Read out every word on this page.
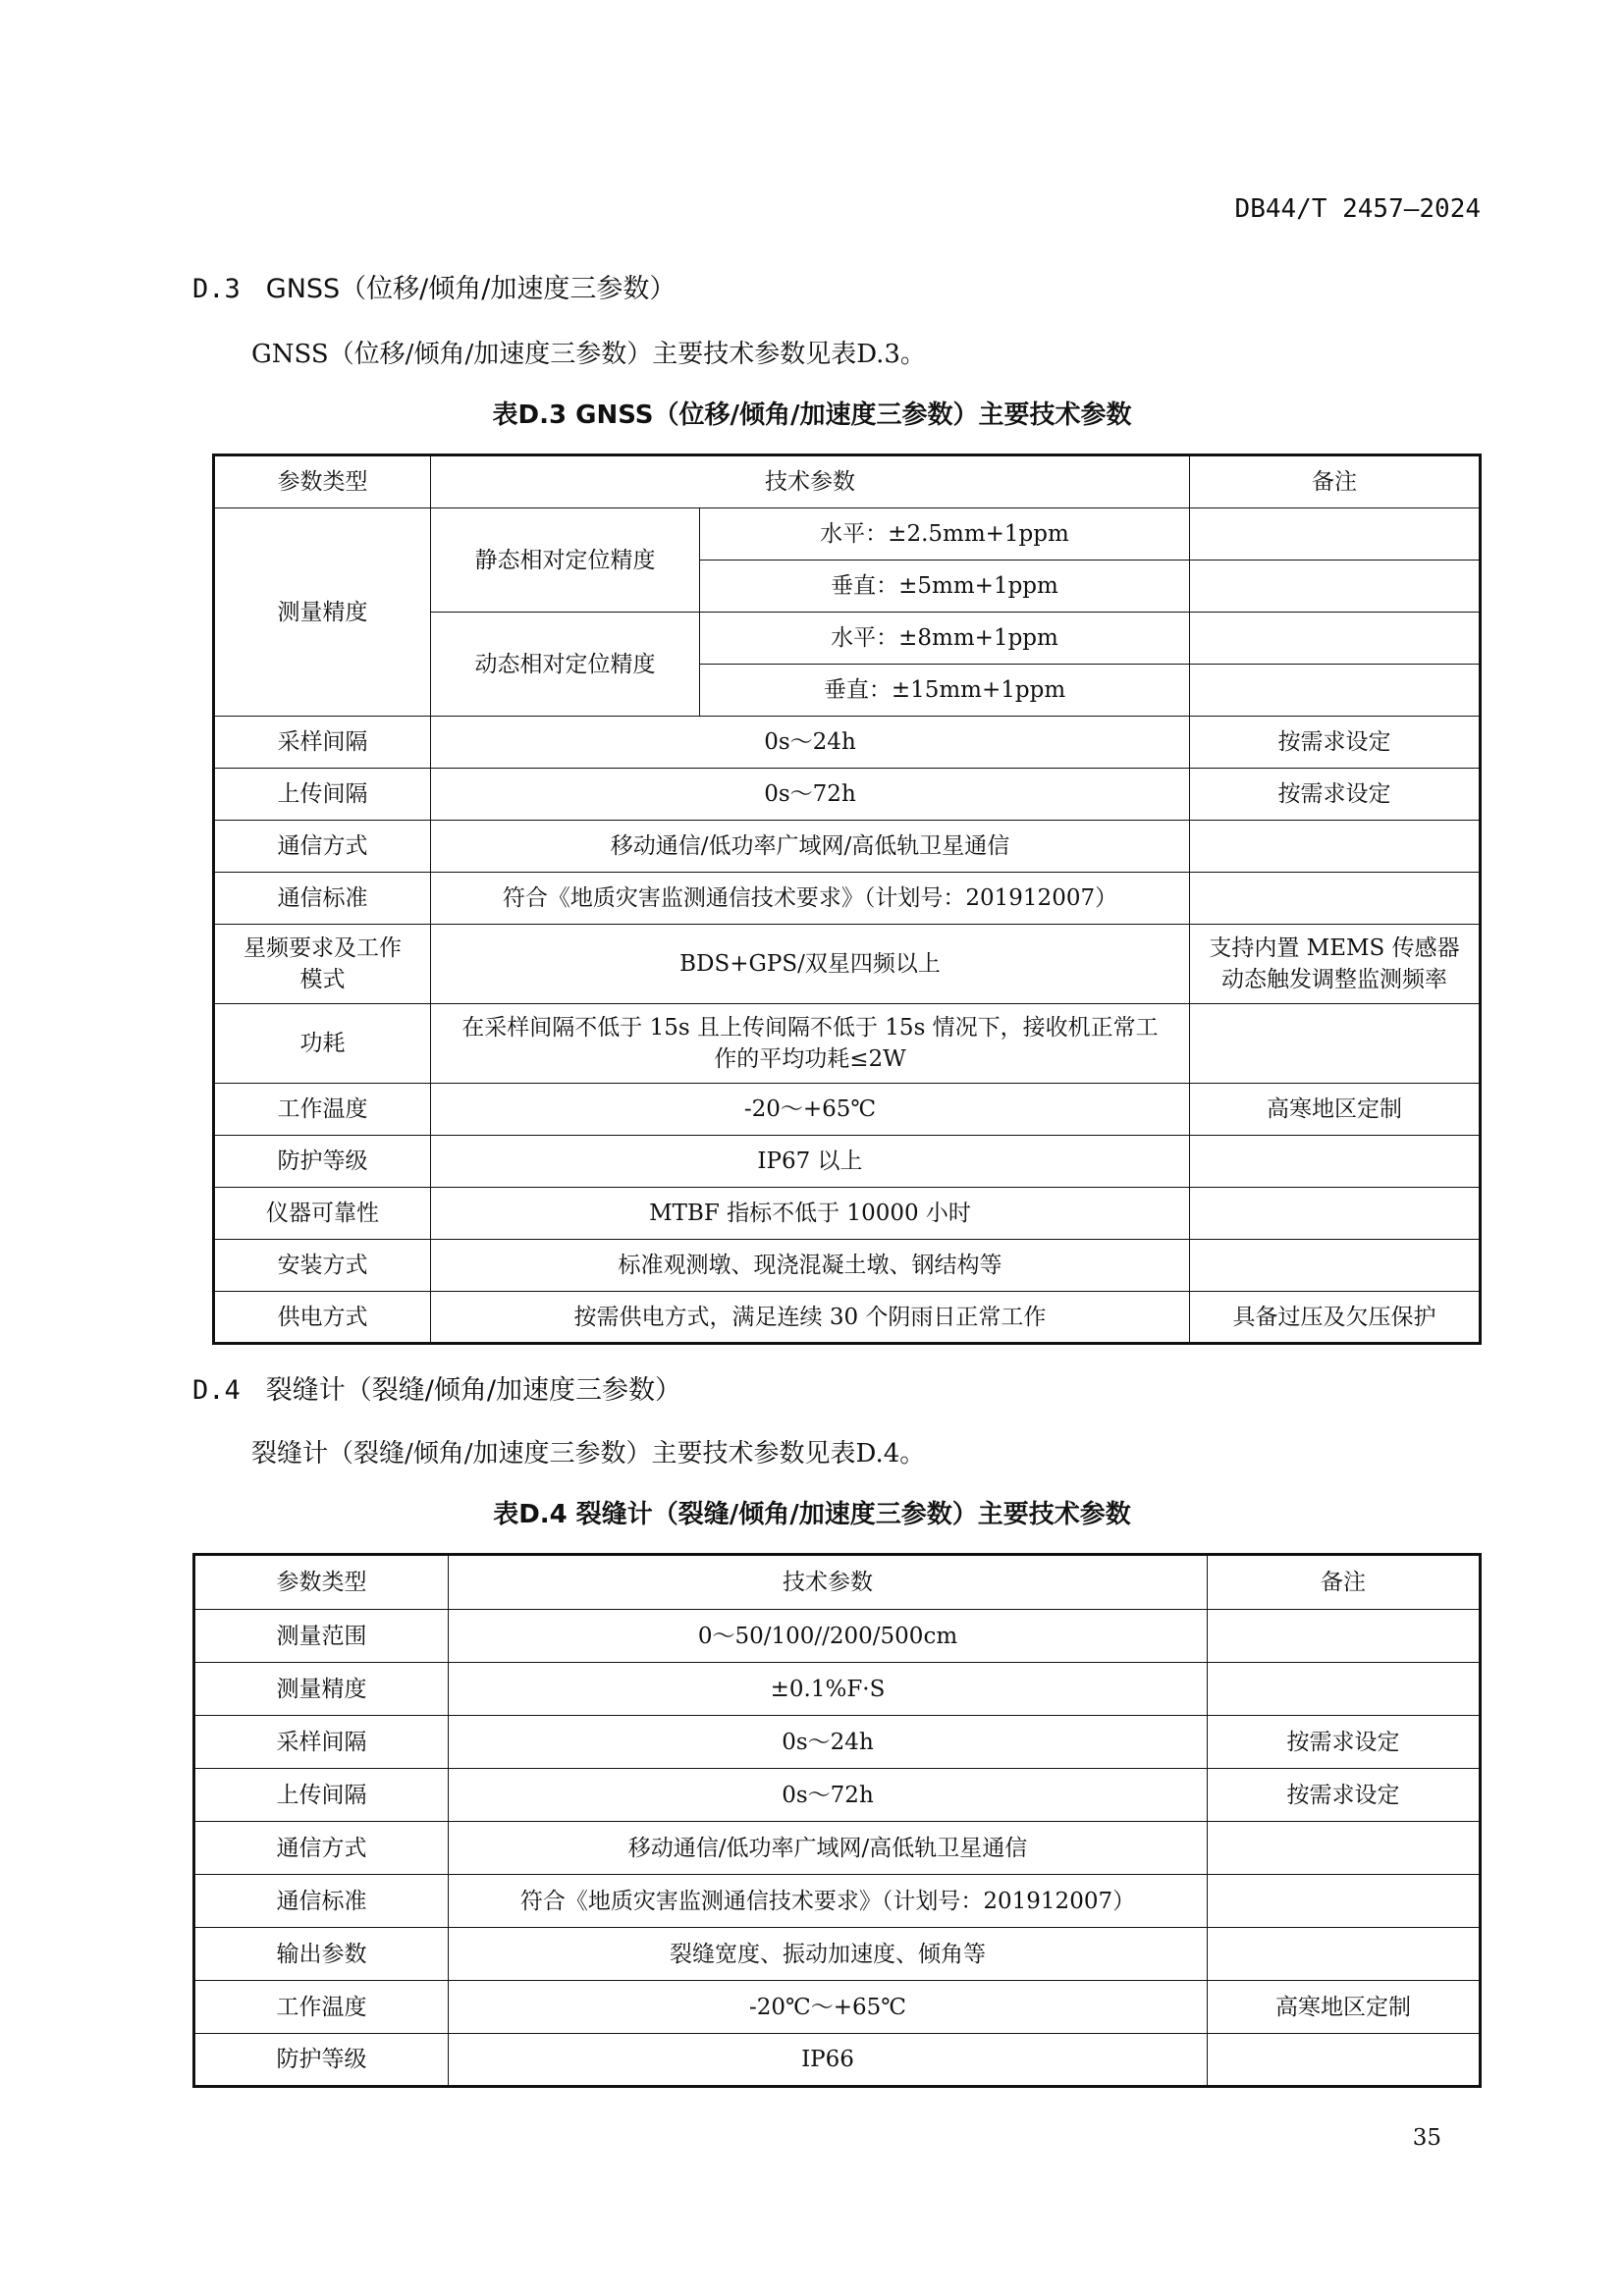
DB44/T 2457—2024
D.3 GNSS（位移/倾角/加速度三参数）
GNSS（位移/倾角/加速度三参数）主要技术参数见表D.3。
表D.3 GNSS（位移/倾角/加速度三参数）主要技术参数
参数类型	技术参数		备注
测量精度	静态相对定位精度	水平：±2.5mm+1ppm	
		垂直：±5mm+1ppm	
	动态相对定位精度	水平：±8mm+1ppm	
		垂直：±15mm+1ppm	
采样间隔	0s～24h		按需求设定
上传间隔	0s～72h		按需求设定
通信方式	移动通信/低功率广域网/高低轨卫星通信		
通信标准	符合《地质灾害监测通信技术要求》（计划号：201912007）		
星频要求及工作模式	BDS+GPS/双星四频以上		支持内置 MEMS 传感器动态触发调整监测频率
功耗	在采样间隔不低于 15s 且上传间隔不低于 15s 情况下，接收机正常工作的平均功耗≤2W		
工作温度	-20～+65℃		高寒地区定制
防护等级	IP67 以上		
仪器可靠性	MTBF 指标不低于 10000 小时		
安装方式	标准观测墩、现浇混凝土墩、钢结构等		
供电方式	按需供电方式，满足连续 30 个阴雨日正常工作		具备过压及欠压保护
D.4 裂缝计（裂缝/倾角/加速度三参数）
裂缝计（裂缝/倾角/加速度三参数）主要技术参数见表D.4。
表D.4 裂缝计（裂缝/倾角/加速度三参数）主要技术参数
参数类型	技术参数	备注
测量范围	0～50/100//200/500cm	
测量精度	±0.1%F·S	
采样间隔	0s～24h	按需求设定
上传间隔	0s～72h	按需求设定
通信方式	移动通信/低功率广域网/高低轨卫星通信	
通信标准	符合《地质灾害监测通信技术要求》（计划号：201912007）	
输出参数	裂缝宽度、振动加速度、倾角等	
工作温度	-20℃～+65℃	高寒地区定制
防护等级	IP66	
35
